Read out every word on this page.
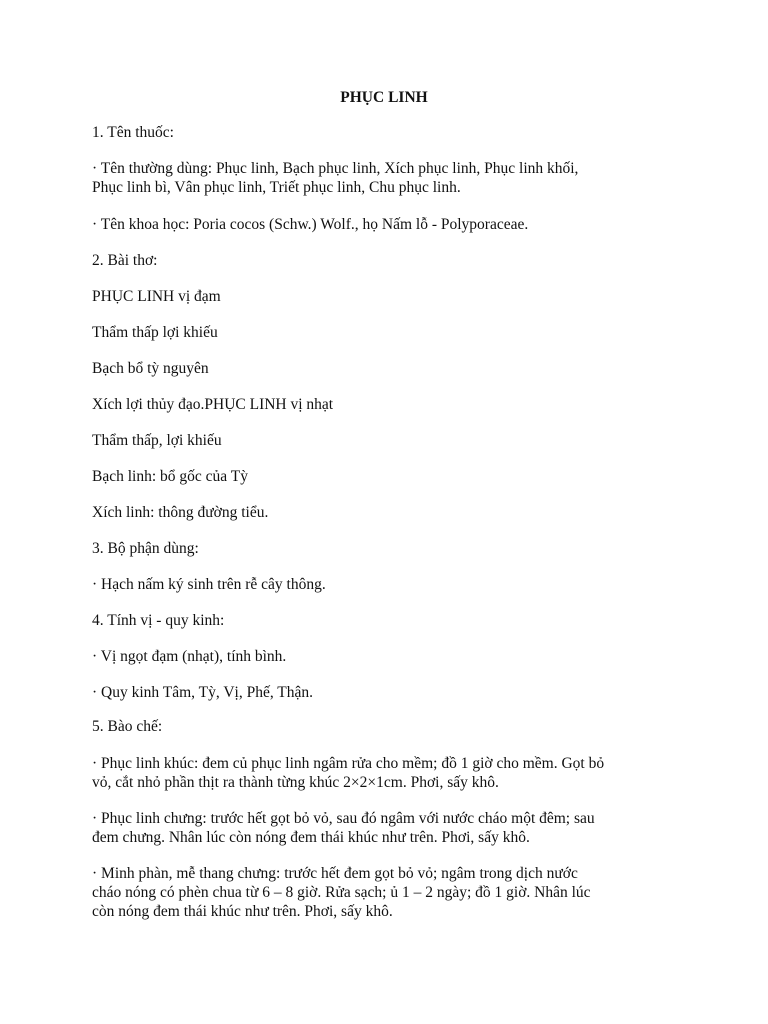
PHỤC LINH

1. Tên thuốc:

· Tên thường dùng: Phục linh, Bạch phục linh, Xích phục linh, Phục linh khối,

Phục linh bì, Vân phục linh, Triết phục linh, Chu phục linh.

· Tên khoa học: Poria cocos (Schw.) Wolf., họ Nấm lỗ - Polyporaceae.

2. Bài thơ:

PHỤC LINH vị đạm

Thẩm thấp lợi khiếu

Bạch bổ tỳ nguyên

Xích lợi thủy đạo.PHỤC LINH vị nhạt

Thẩm thấp, lợi khiếu

Bạch linh: bổ gốc của Tỳ

Xích linh: thông đường tiểu.

3. Bộ phận dùng:

· Hạch nấm ký sinh trên rễ cây thông.

4. Tính vị - quy kinh:

· Vị ngọt đạm (nhạt), tính bình.

· Quy kinh Tâm, Tỳ, Vị, Phế, Thận.

5. Bào chế:

· Phục linh khúc: đem củ phục linh ngâm rửa cho mềm; đồ 1 giờ cho mềm. Gọt bỏ

vỏ, cắt nhỏ phần thịt ra thành từng khúc 2×2×1cm. Phơi, sấy khô.

· Phục linh chưng: trước hết gọt bỏ vỏ, sau đó ngâm với nước cháo một đêm; sau

đem chưng. Nhân lúc còn nóng đem thái khúc như trên. Phơi, sấy khô.

· Minh phàn, mễ thang chưng: trước hết đem gọt bỏ vỏ; ngâm trong dịch nước

cháo nóng có phèn chua từ 6 – 8 giờ. Rửa sạch; ủ 1 – 2 ngày; đồ 1 giờ. Nhân lúc

còn nóng đem thái khúc như trên. Phơi, sấy khô.
